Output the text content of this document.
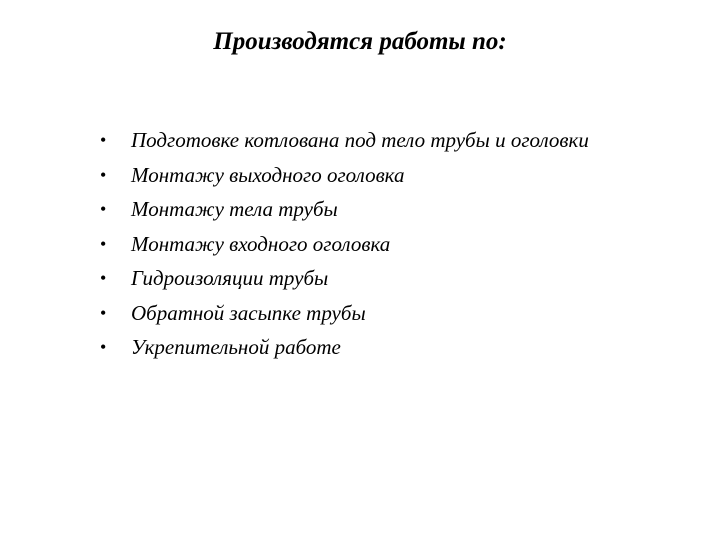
Производятся работы по:
•	Подготовке котлована под тело трубы и оголовки
•	Монтажу выходного оголовка
•	Монтажу тела трубы
•	Монтажу входного оголовка
•	Гидроизоляции трубы
•	Обратной засыпке трубы
•	Укрепительной работе
